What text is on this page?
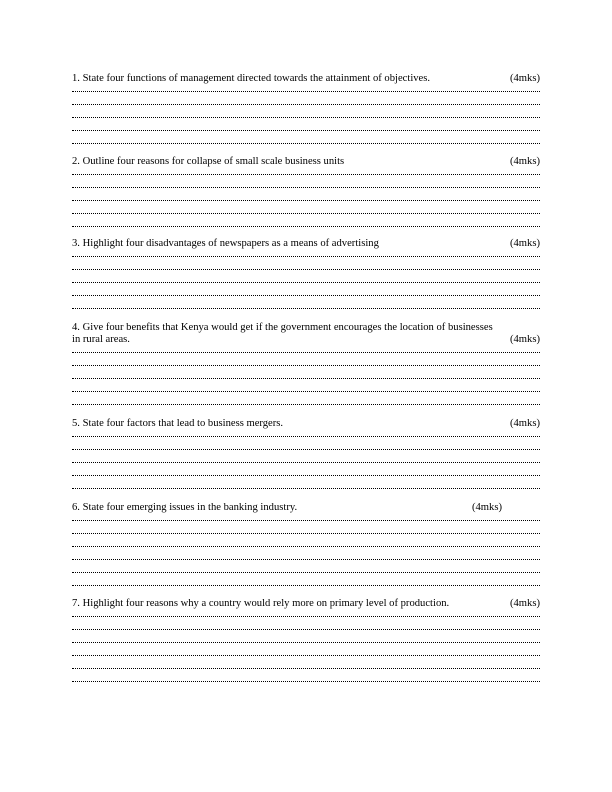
1. State four functions of management directed towards the attainment of objectives.	(4mks)
2. Outline four reasons for collapse of small scale business units	(4mks)
3. Highlight four disadvantages of newspapers as a means of advertising	(4mks)
4. Give four benefits that Kenya would get if the government encourages the location of businesses in rural areas.	(4mks)
5. State four factors that lead to business mergers.	(4mks)
6. State four emerging issues in the banking industry.	(4mks)
7. Highlight four reasons why a country would rely more on primary level of production.	(4mks)
